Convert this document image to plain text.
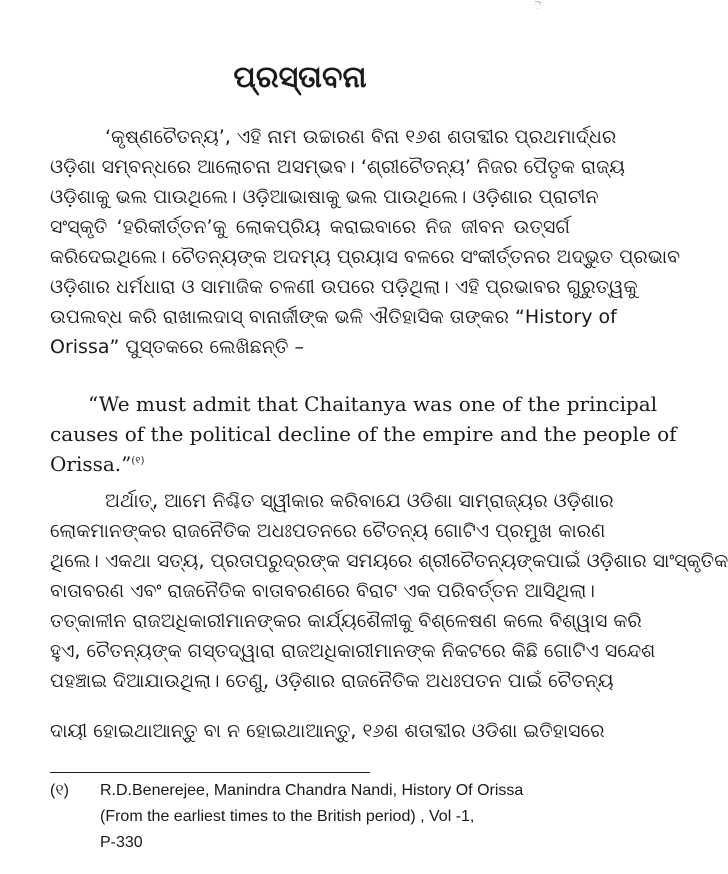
ୖ
ପ୍ରସ୍ତାବନା
‘କୃଷ୍ଣଚୈତନ୍ୟ’, ଏହି ନାମ ଉଚ୍ଚାରଣ ବିନା ୧୬ଶ ଶତାବ୍ଦୀର ପ୍ରଥମାର୍ଦ୍ଧର
ଓଡ଼ିଶା ସମ୍ବନ୍ଧରେ ଆଲୋଚନା ଅସମ୍ଭବ। ‘ଶ୍ରୀଚୈତନ୍ୟ’ ନିଜର ପୈତୃକ ରାଜ୍ୟ
ଓଡ଼ିଶାକୁ ଭଲ ପାଉଥିଲେ। ଓଡ଼ିଆଭାଷାକୁ ଭଲ ପାଉଥିଲେ। ଓଡ଼ିଶାର ପ୍ରାଚୀନ
ସଂସ୍କୃତି ‘ହରିକୀର୍ତ୍ତନ’କୁ ଲୋକପ୍ରିୟ କରାଇବାରେ ନିଜ ଜୀବନ ଉତ୍ସର୍ଗ
କରିଦେଇଥିଲେ। ଚୈତନ୍ୟଙ୍କ ଅଦମ୍ୟ ପ୍ରୟାସ ବଳରେ ସଂକୀର୍ତ୍ତନର ଅଦ୍ଭୁତ ପ୍ରଭାବ
ଓଡ଼ିଶାର ଧର୍ମଧାରା ଓ ସାମାଜିକ ଚଳଣୀ ଉପରେ ପଡ଼ିଥିଲା। ଏହି ପ୍ରଭାବର ଗୁରୁତ୍ୱକୁ
ଉପଲବ୍ଧ କରି ରାଖାଲଦାସ୍ ବାନାର୍ଜୀଙ୍କ ଭଳି ଐତିହାସିକ ତାଙ୍କର “History of
Orissa” ପୁସ୍ତକରେ ଲେଖିଛନ୍ତି –
“We must admit that Chaitanya was one of the principal
causes of the political decline of the empire and the people of
Orissa.”$^{(୧)}$
ଅର୍ଥାତ୍, ଆମେ ନିଶ୍ଚିତ ସ୍ୱୀକାର କରିବାଯେ ଓଡିଶା ସାମ୍ରାଜ୍ୟର ଓଡ଼ିଶାର
ଲୋକମାନଙ୍କର ରାଜନୈତିକ ଅଧଃପତନରେ ଚୈତନ୍ୟ ଗୋଟିଏ ପ୍ରମୁଖ କାରଣ
ଥିଲେ। ଏକଥା ସତ୍ୟ, ପ୍ରତାପରୁଦ୍ରଙ୍କ ସମୟରେ ଶ୍ରୀଚୈତନ୍ୟଙ୍କପାଇଁ ଓଡ଼ିଶାର ସାଂସ୍କୃତିକ
ବାତାବରଣ ଏବଂ ରାଜନୈତିକ ବାତାବରଣରେ ବିରାଟ ଏକ ପରିବର୍ତ୍ତନ ଆସିଥିଲା।
ତତ୍କାଳୀନ ରାଜଅଧିକାରୀମାନଙ୍କର କାର୍ଯ୍ୟଶୈଳୀକୁ ବିଶ୍ଳେଷଣ କଲେ ବିଶ୍ୱାସ କରି
ହୁଏ, ଚୈତନ୍ୟଙ୍କ ଗସ୍ତଦ୍ୱାରା ରାଜଅଧିକାରୀମାନଙ୍କ ନିକଟରେ କିଛି ଗୋଟିଏ ସନ୍ଦେଶ
ପହଞ୍ଚାଇ ଦିଆଯାଉଥିଲା। ତେଣୁ, ଓଡ଼ିଶାର ରାଜନୈତିକ ଅଧଃପତନ ପାଇଁ ଚୈତନ୍ୟ
ଦାୟୀ ହୋଇଥାଆନ୍ତୁ ବା ନ ହୋଇଥାଆନ୍ତୁ, ୧୬ଶ ଶତାବ୍ଦୀର ଓଡିଶା ଇତିହାସରେ
(୧) R.D.Benerejee, Manindra Chandra Nandi, History Of Orissa
(From the earliest times to the British period) , Vol -1,
P-330
